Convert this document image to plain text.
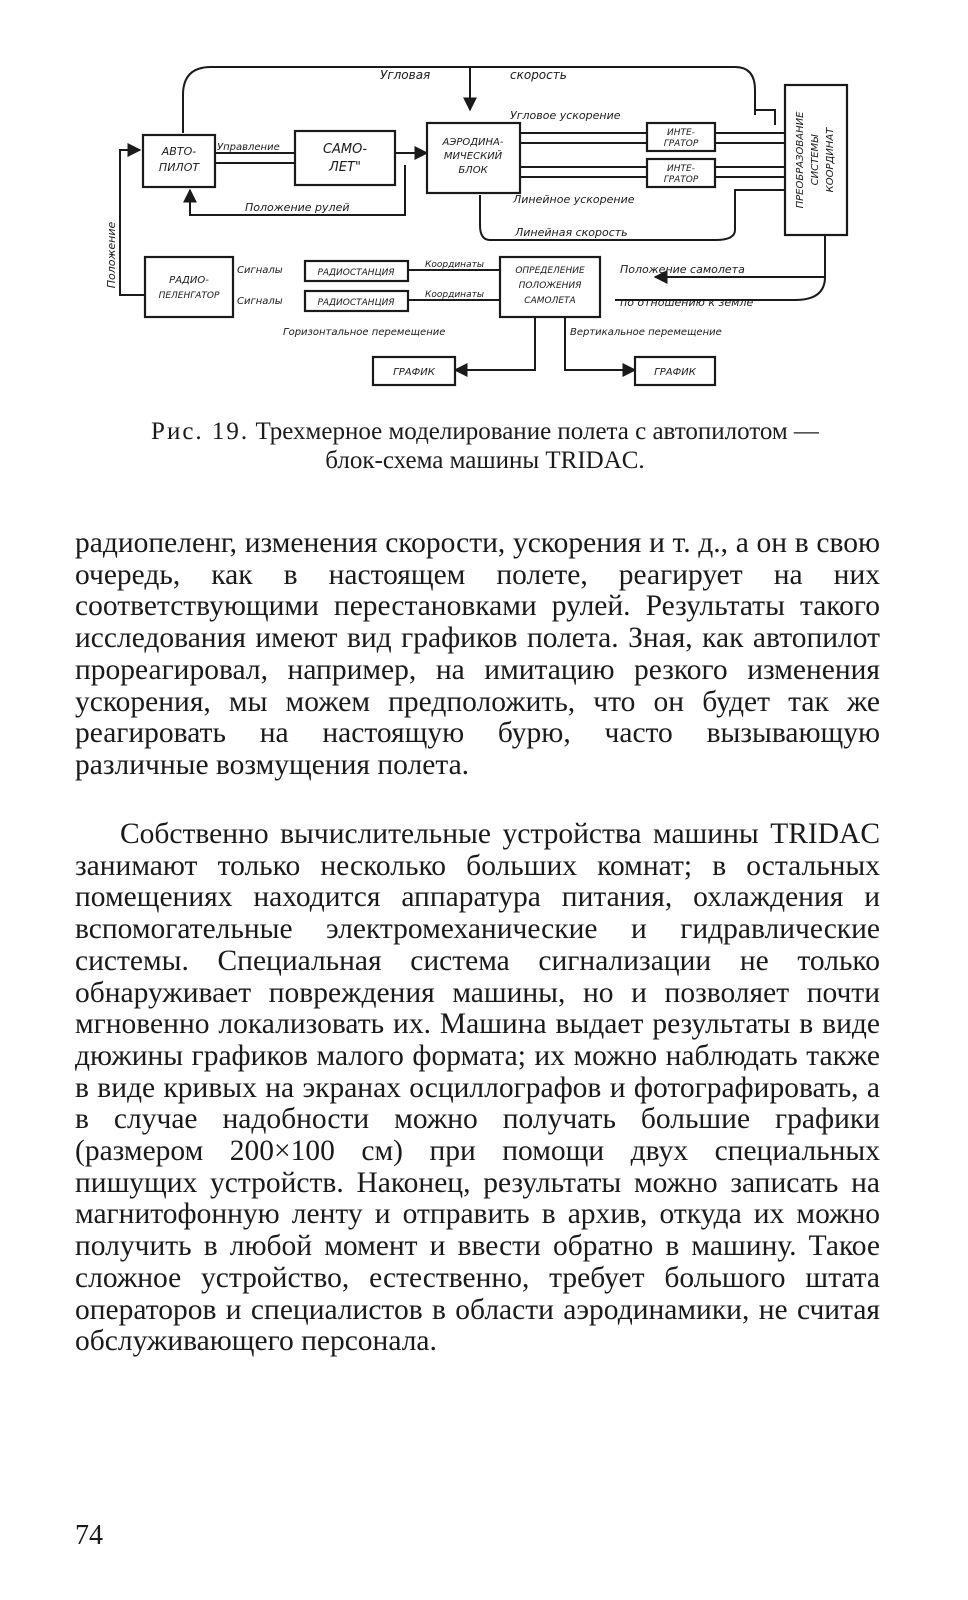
Угловая	скорость
Угловое ускорение
АВТО-
ПИЛОТ
Управление	САМО-
ЛЕТ"
АЭРОДИНА-
МИЧЕСКИЙ
БЛОК
ИНТЕ-
ГРАТОР
ИНТЕ-
ГРАТОР	ПРЕОБРАЗОВАНИЕ СИСТЕМЫ КООРДИНАТ
Положение рулей
Линейное ускорение
Линейная скорость
Положение	РАДИО-
ПЕЛЕНГАТОР
Сигналы
Сигналы
РАДИОСТАНЦИЯ
РАДИОСТАНЦИЯ
Координаты
Координаты
ОПРЕДЕЛЕНИЕ
ПОЛОЖЕНИЯ
САМОЛЕТА
Положение самолета
по отношению к земле
Горизонтальное перемещение	Вертикальное перемещение
ГРАФИК	ГРАФИК
Рис. 19. Трехмерное моделирование полета с автопилотом —
блок-схема машины TRIDAC.

радиопеленг, изменения скорости, ускорения и т. д., а он в свою очередь, как в настоящем полете, реагирует на них соответствующими перестановками рулей. Результаты такого исследования имеют вид графиков полета. Зная, как автопилот прореагировал, например, на имитацию резкого изменения ускорения, мы можем предположить, что он будет так же реагировать на настоящую бурю, часто вызывающую различные возмущения полета.

Собственно вычислительные устройства машины TRIDAC занимают только несколько больших комнат; в остальных помещениях находится аппаратура питания, охлаждения и вспомогательные электромеханические и гидравлические системы. Специальная система сигнализации не только обнаруживает повреждения машины, но и позволяет почти мгновенно локализовать их. Машина выдает результаты в виде дюжины графиков малого формата; их можно наблюдать также в виде кривых на экранах осциллографов и фотографировать, а в случае надобности можно получать большие графики (размером 200×100 см) при помощи двух специальных пишущих устройств. Наконец, результаты можно записать на магнитофонную ленту и отправить в архив, откуда их можно получить в любой момент и ввести обратно в машину. Такое сложное устройство, естественно, требует большого штата операторов и специалистов в области аэродинамики, не считая обслуживающего персонала.

74
